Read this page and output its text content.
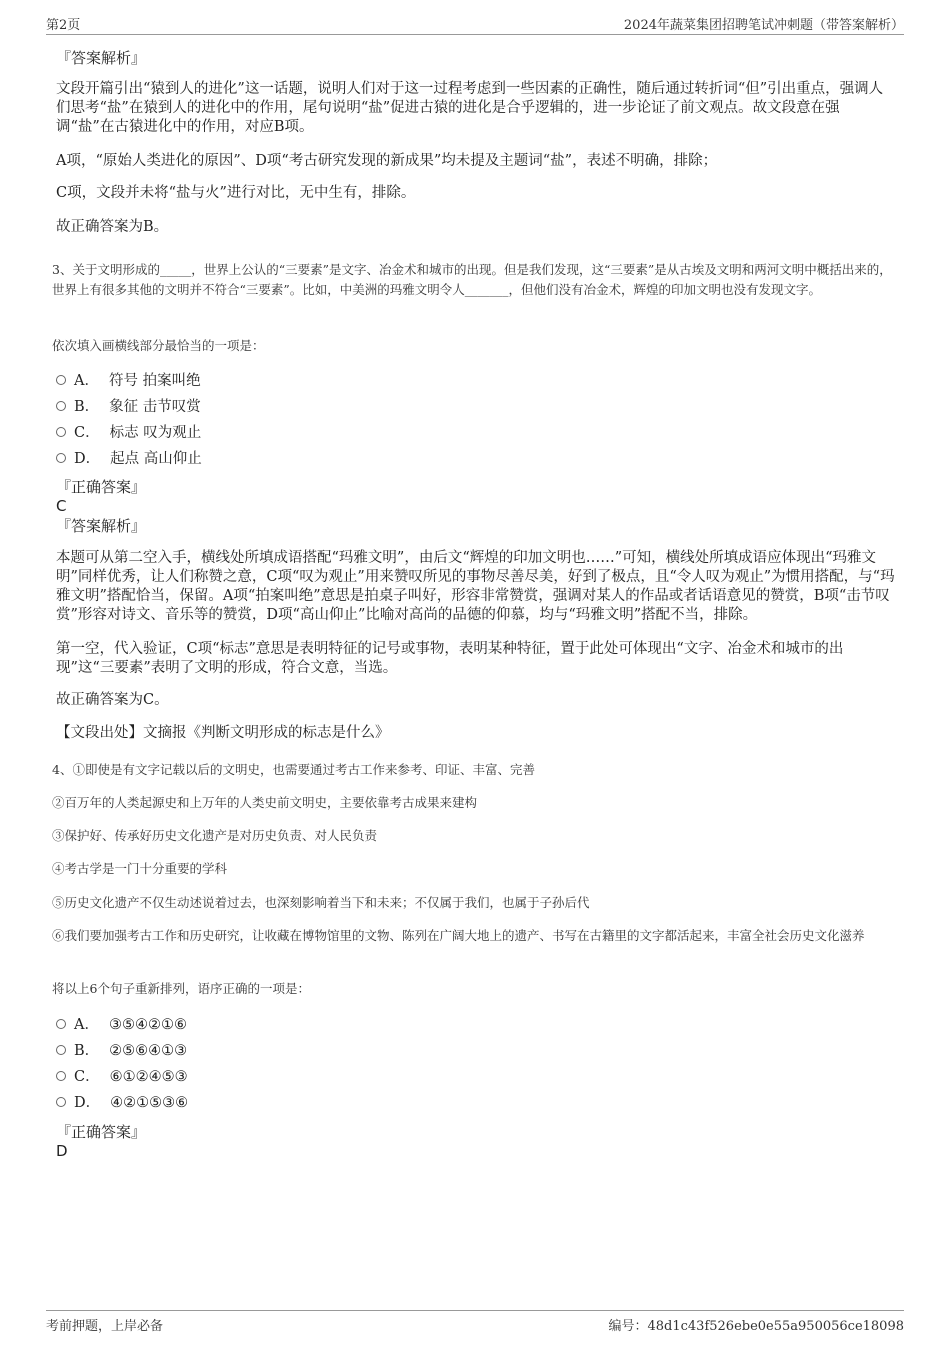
第2页	2024年蔬菜集团招聘笔试冲刺题（带答案解析）

『答案解析』

文段开篇引出“猿到人的进化”这一话题，说明人们对于这一过程考虑到一些因素的正确性，随后通过转折词“但”引出重点，强调人们思考“盐”在猿到人的进化中的作用，尾句说明“盐”促进古猿的进化是合乎逻辑的，进一步论证了前文观点。故文段意在强调“盐”在古猿进化中的作用，对应B项。

A项，“原始人类进化的原因”、D项“考古研究发现的新成果”均未提及主题词“盐”，表述不明确，排除；

C项，文段并未将“盐与火”进行对比，无中生有，排除。

故正确答案为B。

3、关于文明形成的_____，世界上公认的“三要素”是文字、冶金术和城市的出现。但是我们发现，这“三要素”是从古埃及文明和两河文明中概括出来的，世界上有很多其他的文明并不符合“三要素”。比如，中美洲的玛雅文明令人_______，但他们没有冶金术，辉煌的印加文明也没有发现文字。

依次填入画横线部分最恰当的一项是：

A． 符号 拍案叫绝
B． 象征 击节叹赏
C． 标志 叹为观止
D． 起点 高山仰止

『正确答案』

C

『答案解析』

本题可从第二空入手，横线处所填成语搭配“玛雅文明”，由后文“辉煌的印加文明也……”可知，横线处所填成语应体现出“玛雅文明”同样优秀，让人们称赞之意，C项“叹为观止”用来赞叹所见的事物尽善尽美，好到了极点，且“令人叹为观止”为惯用搭配，与“玛雅文明”搭配恰当，保留。A项“拍案叫绝”意思是拍桌子叫好，形容非常赞赏，强调对某人的作品或者话语意见的赞赏，B项“击节叹赏”形容对诗文、音乐等的赞赏，D项“高山仰止”比喻对高尚的品德的仰慕，均与“玛雅文明”搭配不当，排除。

第一空，代入验证，C项“标志”意思是表明特征的记号或事物，表明某种特征，置于此处可体现出“文字、冶金术和城市的出现”这“三要素”表明了文明的形成，符合文意，当选。

故正确答案为C。

【文段出处】文摘报《判断文明形成的标志是什么》

4、①即使是有文字记载以后的文明史，也需要通过考古工作来参考、印证、丰富、完善

②百万年的人类起源史和上万年的人类史前文明史，主要依靠考古成果来建构

③保护好、传承好历史文化遗产是对历史负责、对人民负责

④考古学是一门十分重要的学科

⑤历史文化遗产不仅生动述说着过去，也深刻影响着当下和未来；不仅属于我们，也属于子孙后代

⑥我们要加强考古工作和历史研究，让收藏在博物馆里的文物、陈列在广阔大地上的遗产、书写在古籍里的文字都活起来，丰富全社会历史文化滋养

将以上6个句子重新排列，语序正确的一项是：

A． ③⑤④②①⑥
B． ②⑤⑥④①③
C． ⑥①②④⑤③
D． ④②①⑤③⑥

『正确答案』

D

考前押题，上岸必备	编号：48d1c43f526ebe0e55a950056ce18098
